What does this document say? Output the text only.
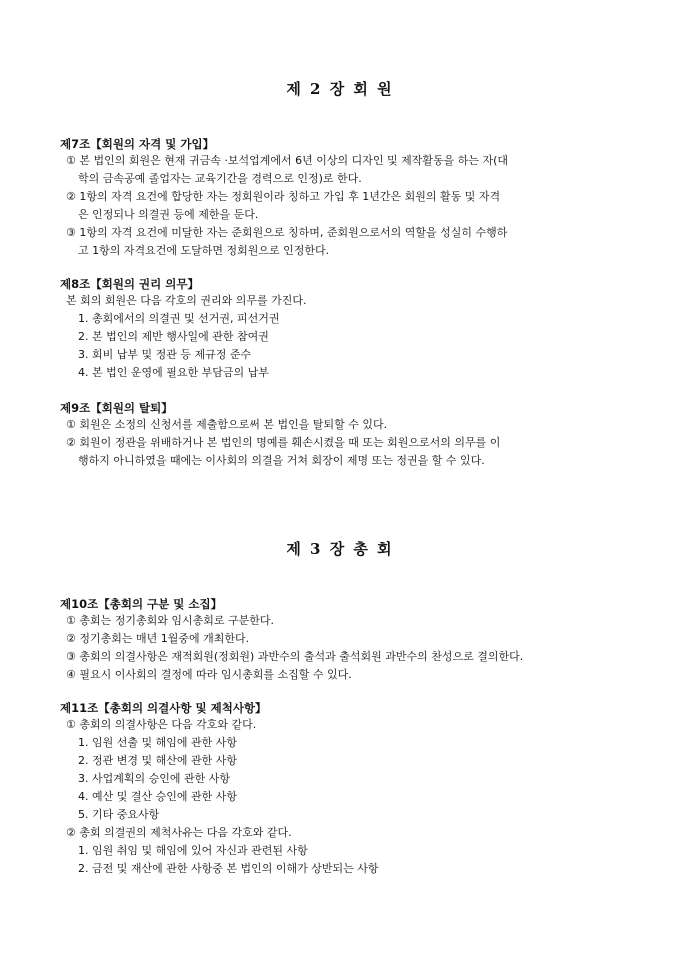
제 2 장 회 원
제7조【회원의 자격 및 가입】
① 본 법인의 회원은 현재 귀금속 ·보석업계에서 6년 이상의 디자인 및 제작활동을 하는 자(대
학의 금속공예 졸업자는 교육기간을 경력으로 인정)로 한다.
② 1항의 자격 요건에 합당한 자는 정회원이라 칭하고 가입 후 1년간은 회원의 활동 및 자격
은 인정되나 의결권 등에 제한을 둔다.
③ 1항의 자격 요건에 미달한 자는 준회원으로 칭하며, 준회원으로서의 역할을 성실히 수행하
고 1항의 자격요건에 도달하면 정회원으로 인정한다.
제8조【회원의 권리 의무】
본 회의 회원은 다음 각호의 권리와 의무를 가진다.
1. 총회에서의 의결권 및 선거권, 피선거권
2. 본 법인의 제반 행사일에 관한 참여권
3. 회비 납부 및 정관 등 제규정 준수
4. 본 법인 운영에 필요한 부담금의 납부
제9조【회원의 탈퇴】
① 회원은 소정의 신청서를 제출함으로써 본 법인을 탈퇴할 수 있다.
② 회원이 정관을 위배하거나 본 법인의 명예를 훼손시켰을 때 또는 회원으로서의 의무를 이
행하지 아니하였을 때에는 이사회의 의결을 거쳐 회장이 제명 또는 정권을 할 수 있다.
제 3 장 총 회
제10조【총회의 구분 및 소집】
① 총회는 정기총회와 임시총회로 구분한다.
② 정기총회는 매년 1월중에 개최한다.
③ 총회의 의결사항은 재적회원(정회원) 과반수의 출석과 출석회원 과반수의 찬성으로 결의한다.
④ 필요시 이사회의 결정에 따라 임시총회를 소집할 수 있다.
제11조【총회의 의결사항 및 제척사항】
① 총회의 의결사항은 다음 각호와 같다.
1. 임원 선출 및 해임에 관한 사항
2. 정관 변경 및 해산에 관한 사항
3. 사업계획의 승인에 관한 사항
4. 예산 및 결산 승인에 관한 사항
5. 기타 중요사항
② 총회 의결권의 제척사유는 다음 각호와 같다.
1. 임원 취임 및 해임에 있어 자신과 관련된 사항
2. 금전 및 재산에 관한 사항중 본 법인의 이해가 상반되는 사항
